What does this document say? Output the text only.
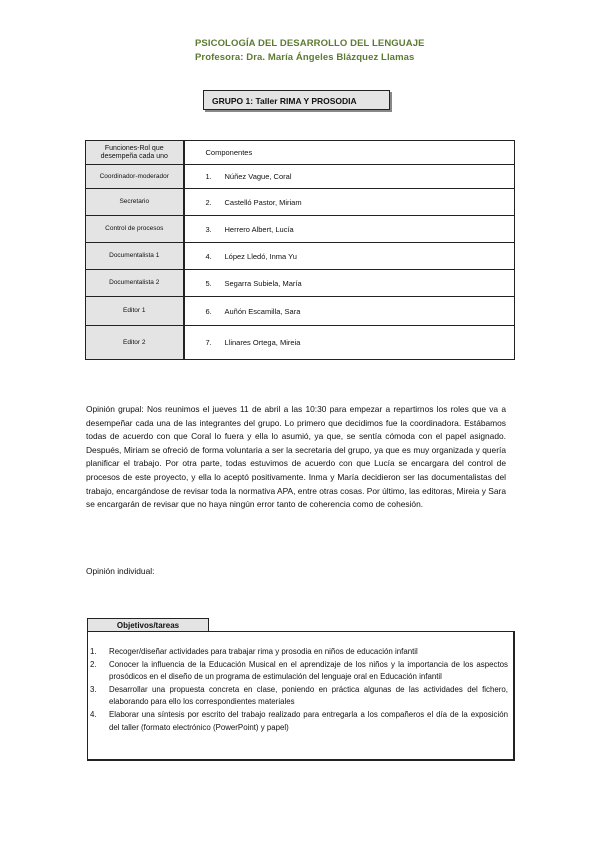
PSICOLOGÍA DEL DESARROLLO DEL LENGUAJE
Profesora: Dra. María Ángeles Blázquez Llamas
GRUPO 1: Taller RIMA Y PROSODIA
Funciones-Rol que desempeña cada uno	Componentes
Coordinador-moderador	1. Núñez Vague, Coral
Secretario	2. Castelló Pastor, Miriam
Control de procesos	3. Herrero Albert, Lucía
Documentalista 1	4. López Lledó, Inma Yu
Documentalista 2	5. Segarra Subiela, María
Editor 1	6. Auñón Escamilla, Sara
Editor 2	7. Llinares Ortega, Mireia
Opinión grupal: Nos reunimos el jueves 11 de abril a las 10:30 para empezar a repartirnos los roles que va a desempeñar cada una de las integrantes del grupo. Lo primero que decidimos fue la coordinadora. Estábamos todas de acuerdo con que Coral lo fuera y ella lo asumió, ya que, se sentía cómoda con el papel asignado. Después, Miriam se ofreció de forma voluntaria a ser la secretaria del grupo, ya que es muy organizada y quería planificar el trabajo. Por otra parte, todas estuvimos de acuerdo con que Lucía se encargara del control de procesos de este proyecto, y ella lo aceptó positivamente. Inma y María decidieron ser las documentalistas del trabajo, encargándose de revisar toda la normativa APA, entre otras cosas. Por último, las editoras, Mireia y Sara se encargarán de revisar que no haya ningún error tanto de coherencia como de cohesión.
Opinión individual:
Objetivos/tareas
1. Recoger/diseñar actividades para trabajar rima y prosodia en niños de educación infantil
2. Conocer la influencia de la Educación Musical en el aprendizaje de los niños y la importancia de los aspectos prosódicos en el diseño de un programa de estimulación del lenguaje oral en Educación infantil
3. Desarrollar una propuesta concreta en clase, poniendo en práctica algunas de las actividades del fichero, elaborando para ello los correspondientes materiales
4. Elaborar una síntesis por escrito del trabajo realizado para entregarla a los compañeros el día de la exposición del taller (formato electrónico (PowerPoint) y papel)
